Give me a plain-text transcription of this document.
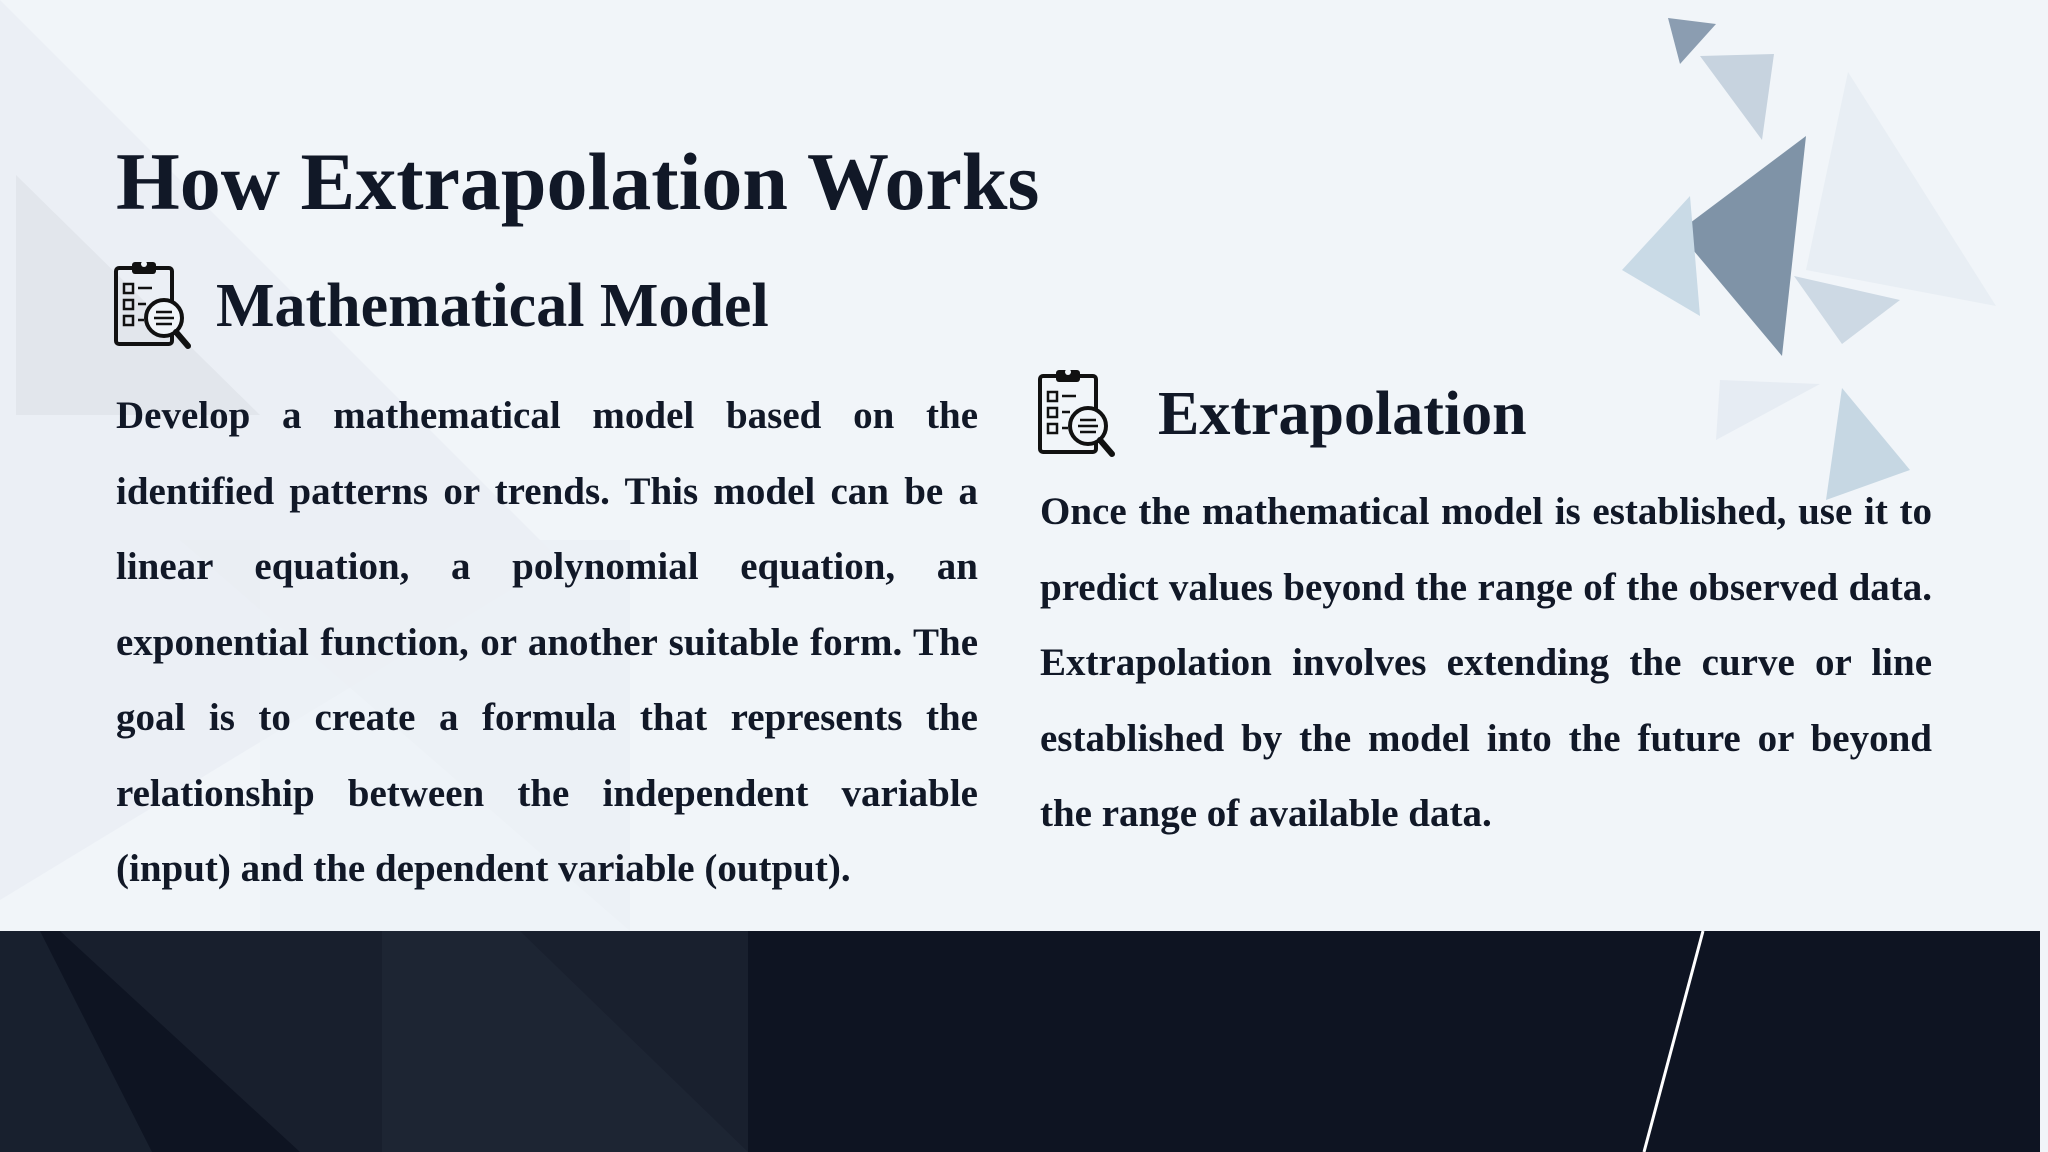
How Extrapolation Works
Mathematical Model

Develop a mathematical model based on the identified patterns or trends. This model can be a linear equation, a polynomial equation, an exponential function, or another suitable form. The goal is to create a formula that represents the relationship between the independent variable (input) and the dependent variable (output).

Extrapolation

Once the mathematical model is established, use it to predict values beyond the range of the observed data. Extrapolation involves extending the curve or line established by the model into the future or beyond the range of available data.
